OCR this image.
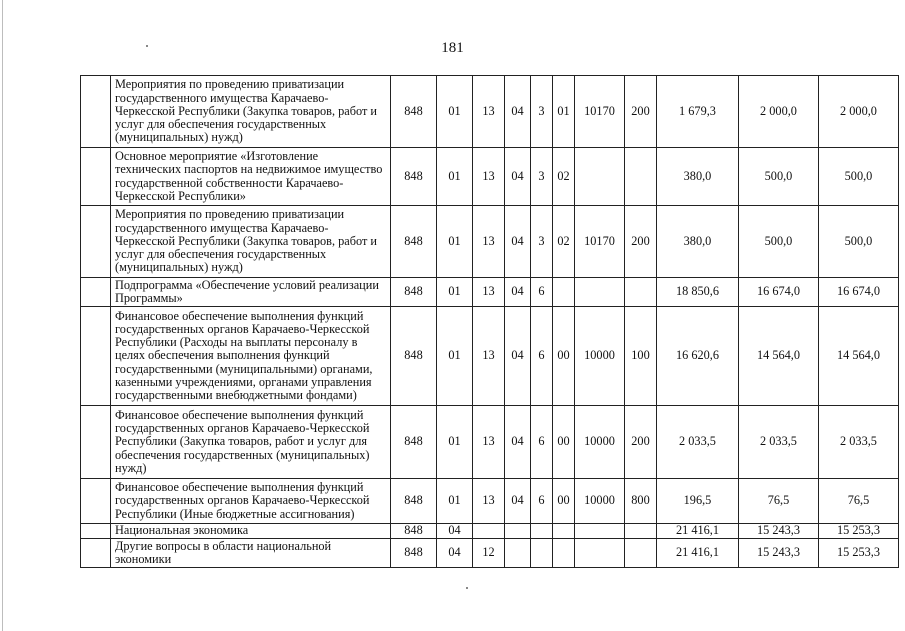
181
	Мероприятия по проведению приватизации государственного имущества Карачаево-Черкесской Республики (Закупка товаров, работ и услуг для обеспечения государственных (муниципальных) нужд)	848	01	13	04	3	01	10170	200	1 679,3	2 000,0	2 000,0
	Основное мероприятие «Изготовление технических паспортов на недвижимое имущество государственной собственности Карачаево-Черкесской Республики»	848	01	13	04	3	02			380,0	500,0	500,0
	Мероприятия по проведению приватизации государственного имущества Карачаево-Черкесской Республики (Закупка товаров, работ и услуг для обеспечения государственных (муниципальных) нужд)	848	01	13	04	3	02	10170	200	380,0	500,0	500,0
	Подпрограмма «Обеспечение условий реализации Программы»	848	01	13	04	6				18 850,6	16 674,0	16 674,0
	Финансовое обеспечение выполнения функций государственных органов Карачаево-Черкесской Республики (Расходы на выплаты персоналу в целях обеспечения выполнения функций государственными (муниципальными) органами, казенными учреждениями, органами управления государственными внебюджетными фондами)	848	01	13	04	6	00	10000	100	16 620,6	14 564,0	14 564,0
	Финансовое обеспечение выполнения функций государственных органов Карачаево-Черкесской Республики (Закупка товаров, работ и услуг для обеспечения государственных (муниципальных) нужд)	848	01	13	04	6	00	10000	200	2 033,5	2 033,5	2 033,5
	Финансовое обеспечение выполнения функций государственных органов Карачаево-Черкесской Республики (Иные бюджетные ассигнования)	848	01	13	04	6	00	10000	800	196,5	76,5	76,5
	Национальная экономика	848	04							21 416,1	15 243,3	15 253,3
	Другие вопросы в области национальной экономики	848	04	12						21 416,1	15 243,3	15 253,3
